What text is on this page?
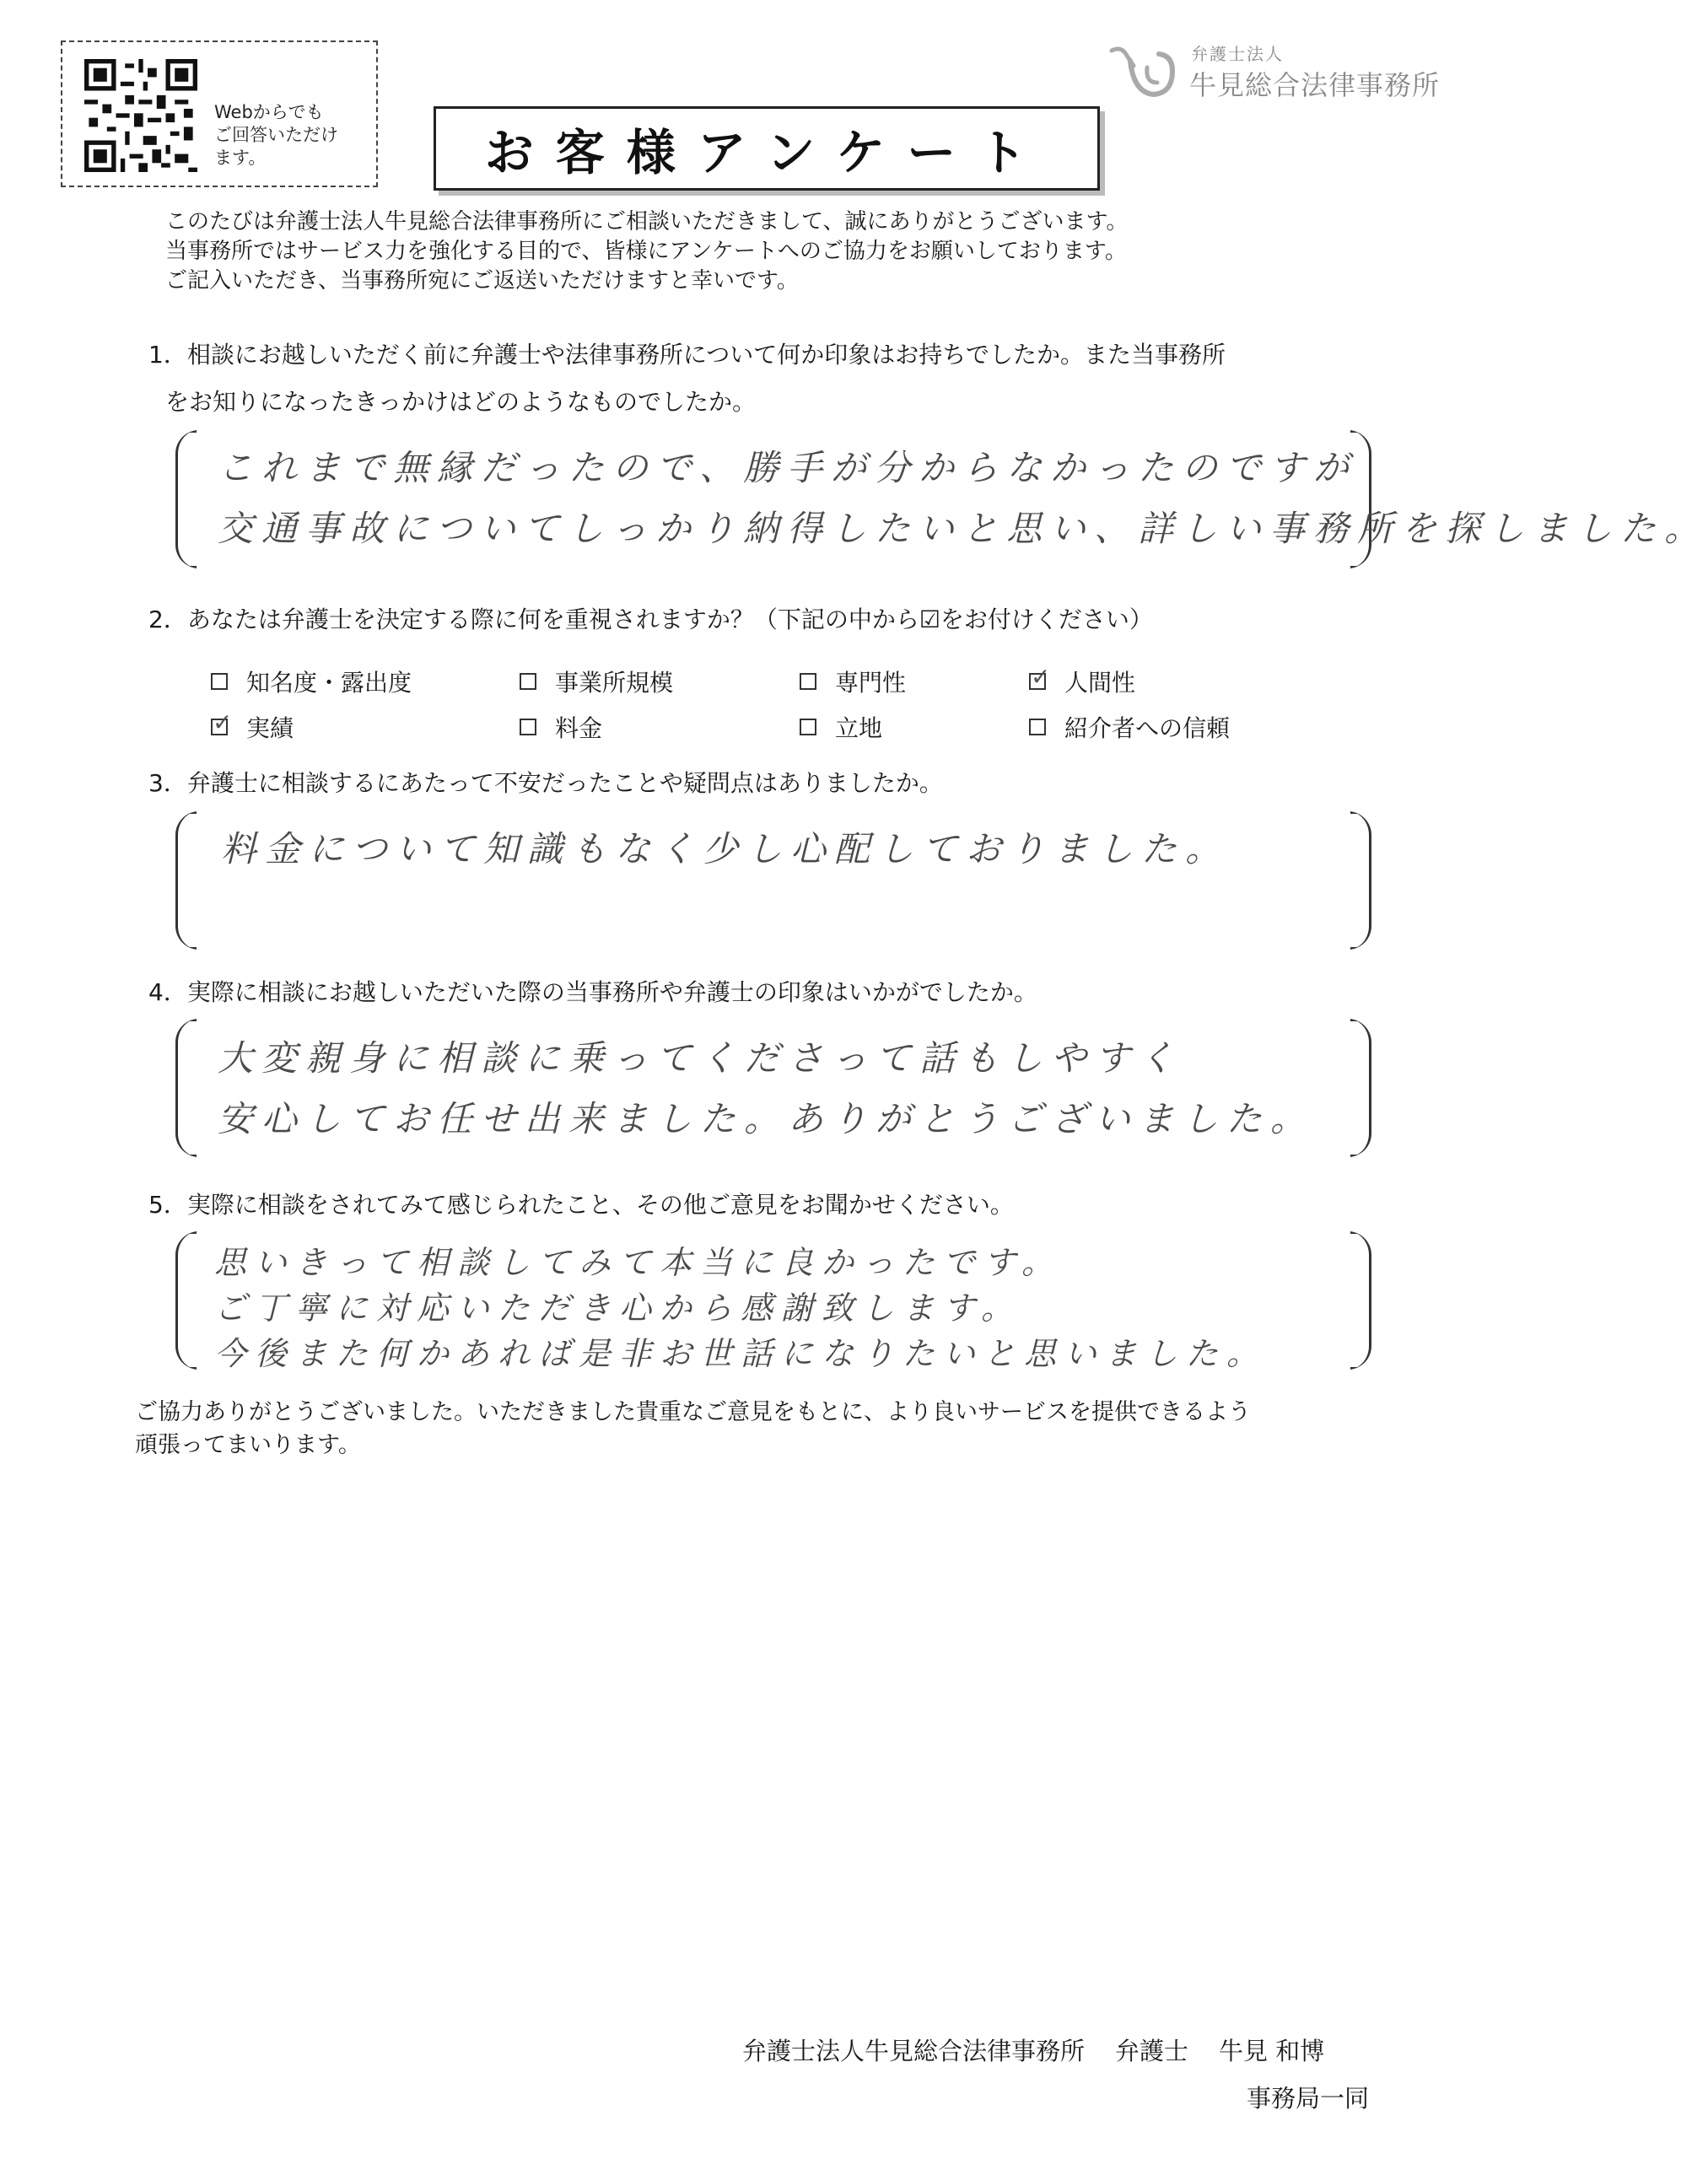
Webからでも
ご回答いただけ
ます。
弁護士法人
牛見総合法律事務所
お客様アンケート
このたびは弁護士法人牛見総合法律事務所にご相談いただきまして、誠にありがとうございます。
当事務所ではサービス力を強化する目的で、皆様にアンケートへのご協力をお願いしております。
ご記入いただき、当事務所宛にご返送いただけますと幸いです。
1．相談にお越しいただく前に弁護士や法律事務所について何か印象はお持ちでしたか。また当事務所
をお知りになったきっかけはどのようなものでしたか。
これまで無縁だったので、勝手が分からなかったのですが
交通事故についてしっかり納得したいと思い、詳しい事務所を探しました。
2．あなたは弁護士を決定する際に何を重視されますか？（下記の中から☑をお付けください）
知名度・露出度	事業所規模	専門性
✓	人間性
✓
実績	料金	立地	紹介者への信頼
3．弁護士に相談するにあたって不安だったことや疑問点はありましたか。
料金について知識もなく少し心配しておりました。
4．実際に相談にお越しいただいた際の当事務所や弁護士の印象はいかがでしたか。
大変親身に相談に乗ってくださって話もしやすく
安心してお任せ出来ました。ありがとうございました。
5．実際に相談をされてみて感じられたこと、その他ご意見をお聞かせください。
思いきって相談してみて本当に良かったです。
ご丁寧に対応いただき心から感謝致します。
今後また何かあれば是非お世話になりたいと思いました。
ご協力ありがとうございました。いただきました貴重なご意見をもとに、より良いサービスを提供できるよう
頑張ってまいります。
弁護士法人牛見総合法律事務所 弁護士 牛見 和博
事務局一同
